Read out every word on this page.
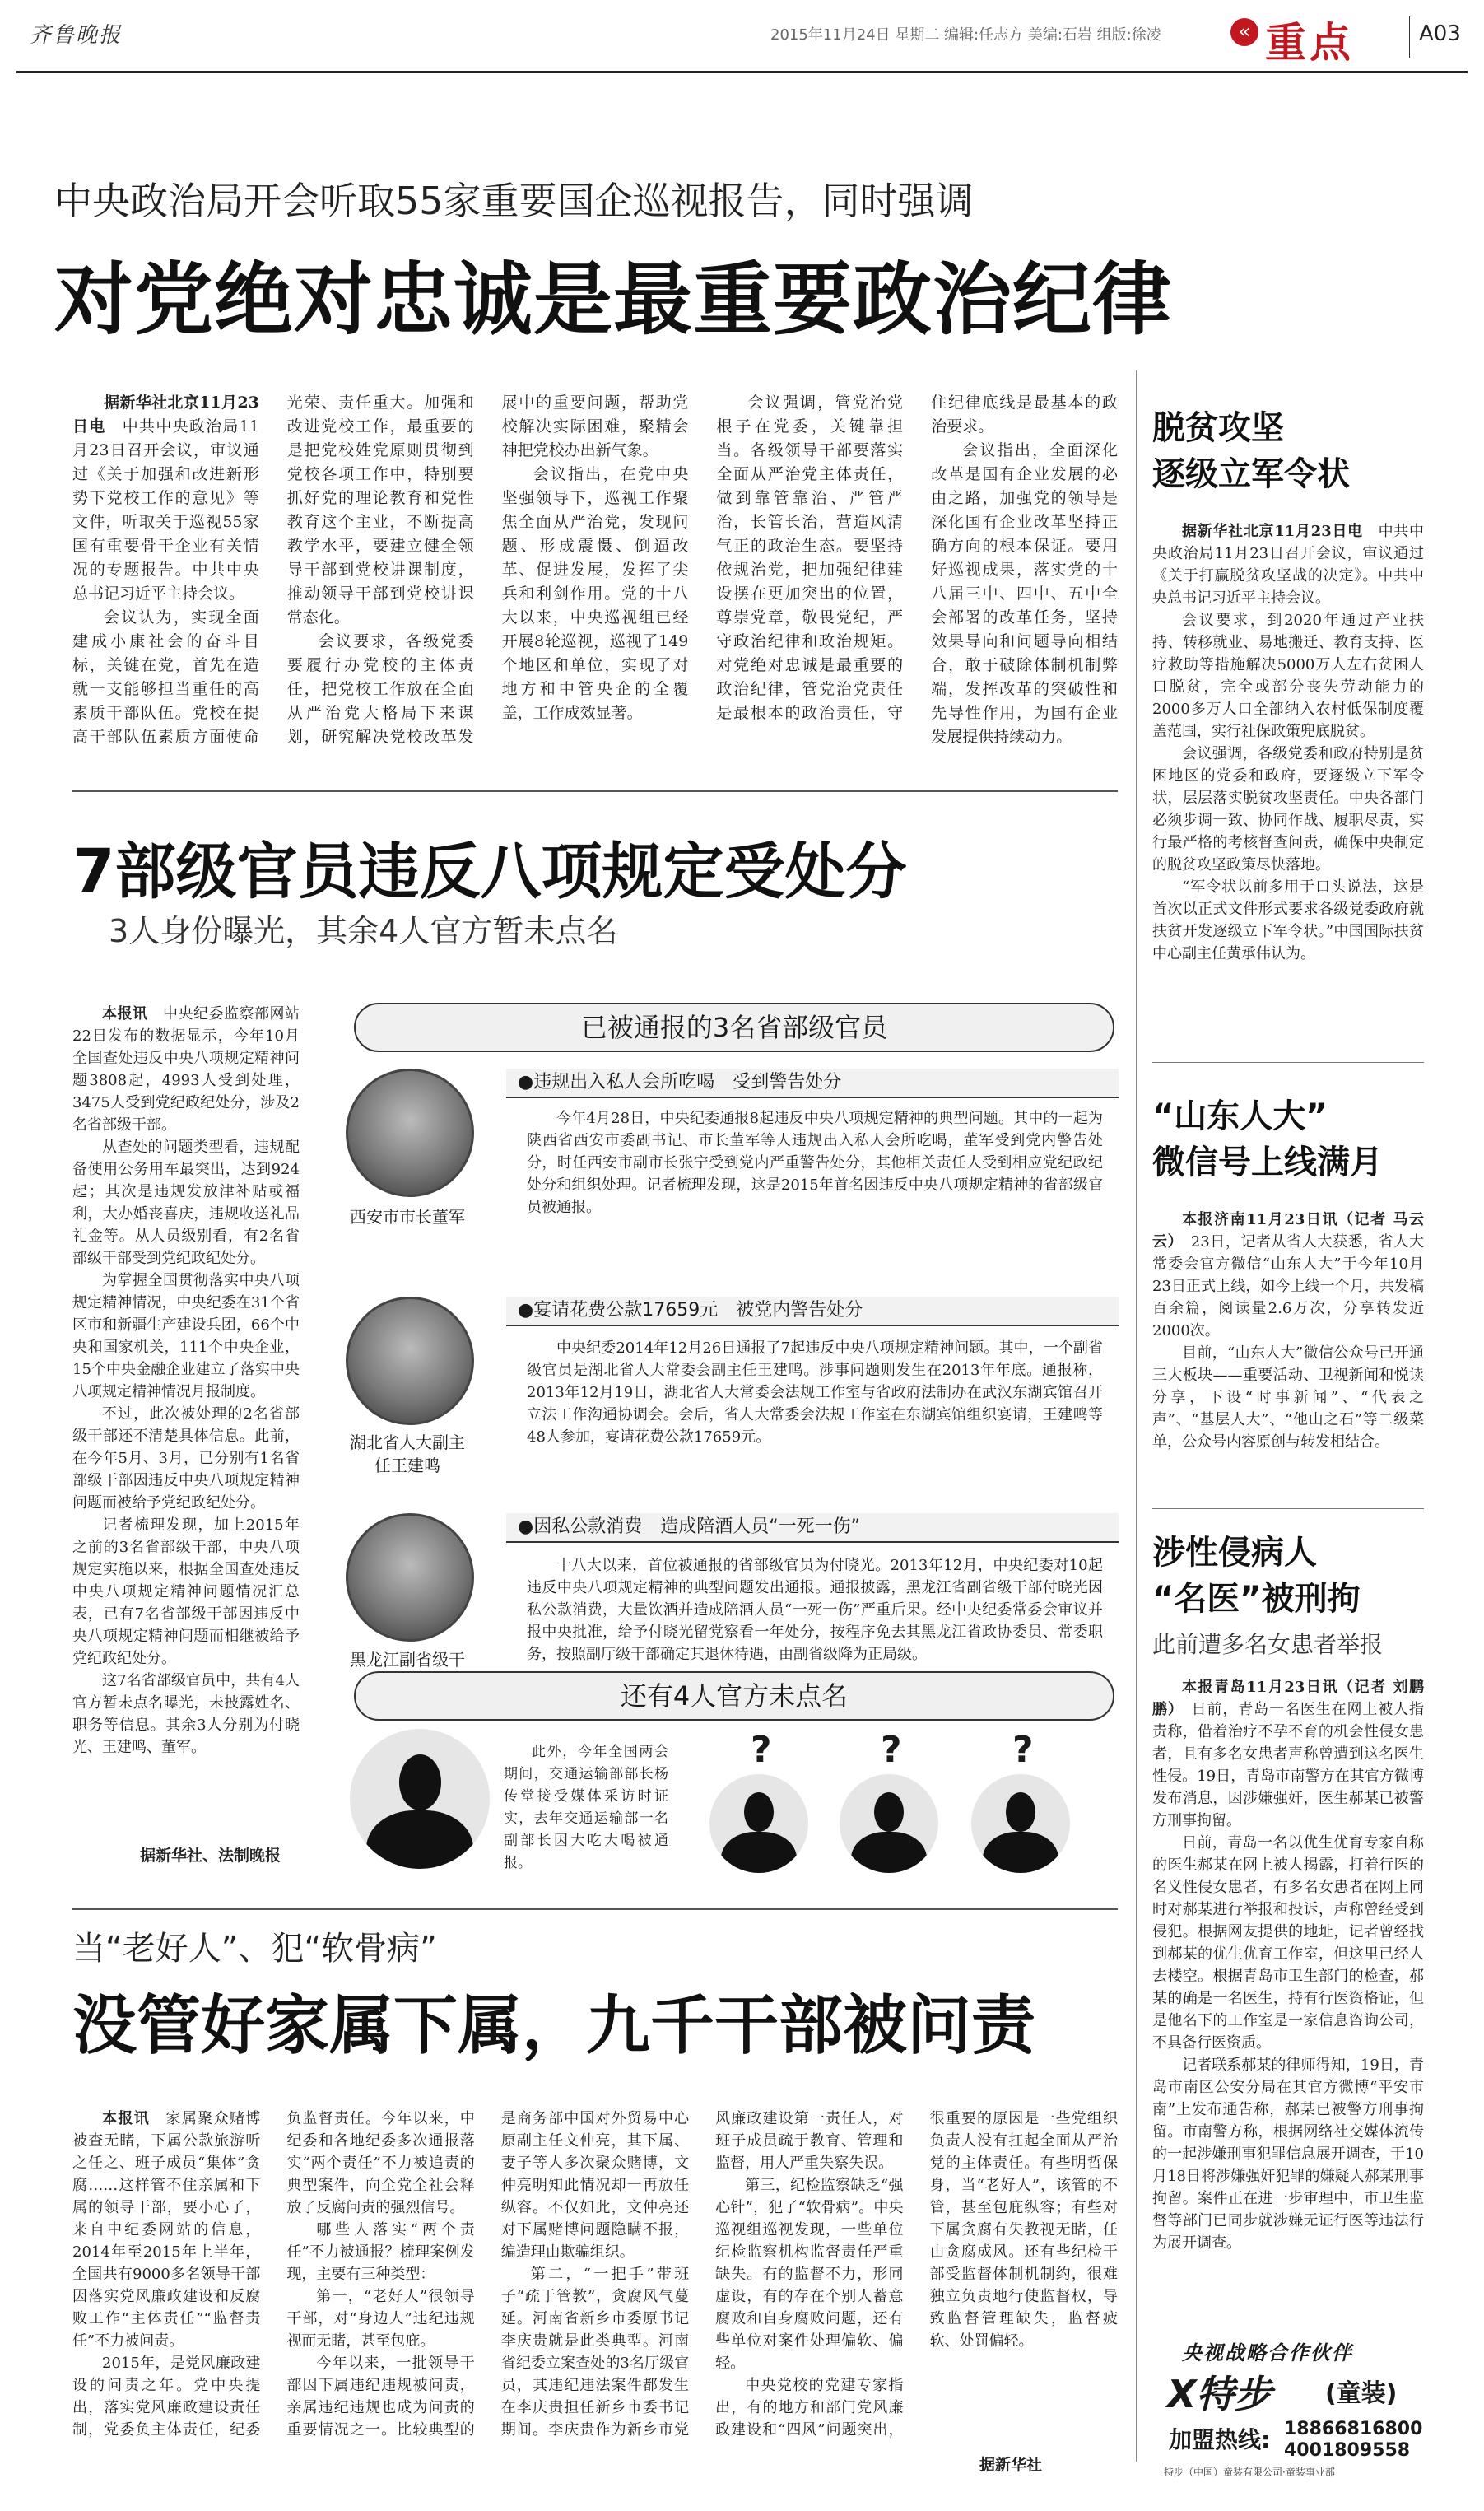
齐鲁晚报	2015年11月24日 星期二 编辑:任志方 美编:石岩 组版:徐凌	« 重点	A03
中央政治局开会听取55家重要国企巡视报告，同时强调
对党绝对忠诚是最重要政治纪律

据新华社北京11月23日电　 中共中央政治局11月23日召开会议，审议通过《关于加强和改进新形势下党校工作的意见》等文件，听取关于巡视55家国有重要骨干企业有关情况的专题报告。中共中央总书记习近平主持会议。

会议认为，实现全面建成小康社会的奋斗目标，关键在党，首先在造就一支能够担当重任的高素质干部队伍。党校在提高干部队伍素质方面使命光荣、责任重大。加强和改进党校工作，最重要的是把党校姓党原则贯彻到党校各项工作中，特别要抓好党的理论教育和党性教育这个主业，不断提高教学水平，要建立健全领导干部到党校讲课制度，推动领导干部到党校讲课常态化。

会议要求，各级党委要履行办党校的主体责任，把党校工作放在全面从严治党大格局下来谋划，研究解决党校改革发展中的重要问题，帮助党校解决实际困难，聚精会神把党校办出新气象。

会议指出，在党中央坚强领导下，巡视工作聚焦全面从严治党，发现问题、形成震慑、倒逼改革、促进发展，发挥了尖兵和利剑作用。党的十八大以来，中央巡视组已经开展8轮巡视，巡视了149个地区和单位，实现了对地方和中管央企的全覆盖，工作成效显著。

会议强调，管党治党根子在党委，关键靠担当。各级领导干部要落实全面从严治党主体责任，做到靠管靠治、严管严治，长管长治，营造风清气正的政治生态。要坚持依规治党，把加强纪律建设摆在更加突出的位置，尊崇党章，敬畏党纪，严守政治纪律和政治规矩。对党绝对忠诚是最重要的政治纪律，管党治党责任是最根本的政治责任，守住纪律底线是最基本的政治要求。

会议指出，全面深化改革是国有企业发展的必由之路，加强党的领导是深化国有企业改革坚持正确方向的根本保证。要用好巡视成果，落实党的十八届三中、四中、五中全会部署的改革任务，坚持效果导向和问题导向相结合，敢于破除体制机制弊端，发挥改革的突破性和先导性作用，为国有企业发展提供持续动力。

7部级官员违反八项规定受处分
3人身份曝光，其余4人官方暂未点名

本报讯　 中央纪委监察部网站22日发布的数据显示，今年10月全国查处违反中央八项规定精神问题3808起，4993人受到处理，3475人受到党纪政纪处分，涉及2名省部级干部。

从查处的问题类型看，违规配备使用公务用车最突出，达到924起；其次是违规发放津补贴或福利，大办婚丧喜庆，违规收送礼品礼金等。从人员级别看，有2名省部级干部受到党纪政纪处分。

为掌握全国贯彻落实中央八项规定精神情况，中央纪委在31个省区市和新疆生产建设兵团，66个中央和国家机关，111个中央企业，15个中央金融企业建立了落实中央八项规定精神情况月报制度。

不过，此次被处理的2名省部级干部还不清楚具体信息。此前，在今年5月、3月，已分别有1名省部级干部因违反中央八项规定精神问题而被给予党纪政纪处分。

记者梳理发现，加上2015年之前的3名省部级干部，中央八项规定实施以来，根据全国查处违反中央八项规定精神问题情况汇总表，已有7名省部级干部因违反中央八项规定精神问题而相继被给予党纪政纪处分。

这7名省部级官员中，共有4人官方暂未点名曝光，未披露姓名、职务等信息。其余3人分别为付晓光、王建鸣、董军。

据新华社、法制晚报
已被通报的3名省部级官员
西安市市长董军
●违规出入私人会所吃喝　受到警告处分
今年4月28日，中央纪委通报8起违反中央八项规定精神的典型问题。其中的一起为陕西省西安市委副书记、市长董军等人违规出入私人会所吃喝，董军受到党内警告处分，时任西安市副市长张宁受到党内严重警告处分，其他相关责任人受到相应党纪政纪处分和组织处理。记者梳理发现，这是2015年首名因违反中央八项规定精神的省部级官员被通报。
湖北省人大副主任王建鸣
●宴请花费公款17659元　被党内警告处分
中央纪委2014年12月26日通报了7起违反中央八项规定精神问题。其中，一个副省级官员是湖北省人大常委会副主任王建鸣。涉事问题则发生在2013年年底。通报称，2013年12月19日，湖北省人大常委会法规工作室与省政府法制办在武汉东湖宾馆召开立法工作沟通协调会。会后，省人大常委会法规工作室在东湖宾馆组织宴请，王建鸣等48人参加，宴请花费公款17659元。
黑龙江副省级干
●因私公款消费　造成陪酒人员“一死一伤”
十八大以来，首位被通报的省部级官员为付晓光。2013年12月，中央纪委对10起违反中央八项规定精神的典型问题发出通报。通报披露，黑龙江省副省级干部付晓光因私公款消费，大量饮酒并造成陪酒人员“一死一伤”严重后果。经中央纪委常委会审议并报中央批准，给予付晓光留党察看一年处分，按程序免去其黑龙江省政协委员、常委职务，按照副厅级干部确定其退休待遇，由副省级降为正局级。
还有4人官方未点名
此外，今年全国两会期间，交通运输部部长杨传堂接受媒体采访时证实，去年交通运输部一名副部长因大吃大喝被通报。
?	?	?
当“老好人”、犯“软骨病”
没管好家属下属，九千干部被问责

本报讯　 家属聚众赌博被查无睹，下属公款旅游听之任之、班子成员“集体”贪腐……这样管不住亲属和下属的领导干部，要小心了，来自中纪委网站的信息，2014年至2015年上半年，全国共有9000多名领导干部因落实党风廉政建设和反腐败工作“主体责任”“监督责任”不力被问责。

2015年，是党风廉政建设的问责之年。党中央提出，落实党风廉政建设责任制，党委负主体责任，纪委负监督责任。今年以来，中纪委和各地纪委多次通报落实“两个责任”不力被追责的典型案件，向全党全社会释放了反腐问责的强烈信号。

哪些人落实“两个责任”不力被通报？梳理案例发现，主要有三种类型：

第一，“老好人”很领导干部，对“身边人”违纪违规视而无睹，甚至包庇。

今年以来，一批领导干部因下属违纪违规被问责，亲属违纪违规也成为问责的重要情况之一。比较典型的是商务部中国对外贸易中心原副主任文仲亮，其下属、妻子等人多次聚众赌博，文仲亮明知此情况却一再放任纵容。不仅如此，文仲亮还对下属赌博问题隐瞒不报，编造理由欺骗组织。

第二，“一把手”带班子“疏于管教”，贪腐风气蔓延。河南省新乡市委原书记李庆贵就是此类典型。河南省纪委立案查处的3名厅级官员，其违纪违法案件都发生在李庆贵担任新乡市委书记期间。李庆贵作为新乡市党风廉政建设第一责任人，对班子成员疏于教育、管理和监督，用人严重失察失误。

第三，纪检监察缺乏“强心针”，犯了“软骨病”。中央巡视组巡视发现，一些单位纪检监察机构监督责任严重缺失。有的监督不力，形同虚设，有的存在个别人蓄意腐败和自身腐败问题，还有些单位对案件处理偏软、偏轻。

中央党校的党建专家指出，有的地方和部门党风廉政建设和“四风”问题突出，很重要的原因是一些党组织负责人没有扛起全面从严治党的主体责任。有些明哲保身，当“老好人”，该管的不管，甚至包庇纵容；有些对下属贪腐有失教视无睹，任由贪腐成风。还有些纪检干部受监督体制机制约，很难独立负责地行使监督权，导致监督管理缺失，监督疲软、处罚偏轻。

据新华社
脱贫攻坚
逐级立军令状

据新华社北京11月23日电　 中共中央政治局11月23日召开会议，审议通过《关于打赢脱贫攻坚战的决定》。中共中央总书记习近平主持会议。

会议要求，到2020年通过产业扶持、转移就业、易地搬迁、教育支持、医疗救助等措施解决5000万人左右贫困人口脱贫，完全或部分丧失劳动能力的2000多万人口全部纳入农村低保制度覆盖范围，实行社保政策兜底脱贫。

会议强调，各级党委和政府特别是贫困地区的党委和政府，要逐级立下军令状，层层落实脱贫攻坚责任。中央各部门必须步调一致、协同作战、履职尽责，实行最严格的考核督查问责，确保中央制定的脱贫攻坚政策尽快落地。

“军令状以前多用于口头说法，这是首次以正式文件形式要求各级党委政府就扶贫开发逐级立下军令状。”中国国际扶贫中心副主任黄承伟认为。

“山东人大”
微信号上线满月

本报济南11月23日讯（记者 马云云）　 23日，记者从省人大获悉，省人大常委会官方微信“山东人大”于今年10月23日正式上线，如今上线一个月，共发稿百余篇，阅读量2.6万次，分享转发近2000次。

目前，“山东人大”微信公众号已开通三大板块——重要活动、卫视新闻和悦读分享，下设“时事新闻”、“代表之声”、“基层人大”、“他山之石”等二级菜单，公众号内容原创与转发相结合。

涉性侵病人
“名医”被刑拘
此前遭多名女患者举报

本报青岛11月23日讯（记者 刘鹏鹏）　 日前，青岛一名医生在网上被人指责称，借着治疗不孕不育的机会性侵女患者，且有多名女患者声称曾遭到这名医生性侵。19日，青岛市南警方在其官方微博发布消息，因涉嫌强奸，医生郝某已被警方刑事拘留。

日前，青岛一名以优生优育专家自称的医生郝某在网上被人揭露，打着行医的名义性侵女患者，有多名女患者在网上同时对郝某进行举报和投诉，声称曾经受到侵犯。根据网友提供的地址，记者曾经找到郝某的优生优育工作室，但这里已经人去楼空。根据青岛市卫生部门的检查，郝某的确是一名医生，持有行医资格证，但是他名下的工作室是一家信息咨询公司，不具备行医资质。

记者联系郝某的律师得知，19日，青岛市南区公安分局在其官方微博“平安市南”上发布通告称，郝某已被警方刑事拘留。市南警方称，根据网络社交媒体流传的一起涉嫌刑事犯罪信息展开调查，于10月18日将涉嫌强奸犯罪的嫌疑人郝某刑事拘留。案件正在进一步审理中，市卫生监督等部门已同步就涉嫌无证行医等违法行为展开调查。

央视战略合作伙伴
X特步 (童装)
加盟热线: 18866816800
4001809558
特步（中国）童装有限公司·童装事业部
